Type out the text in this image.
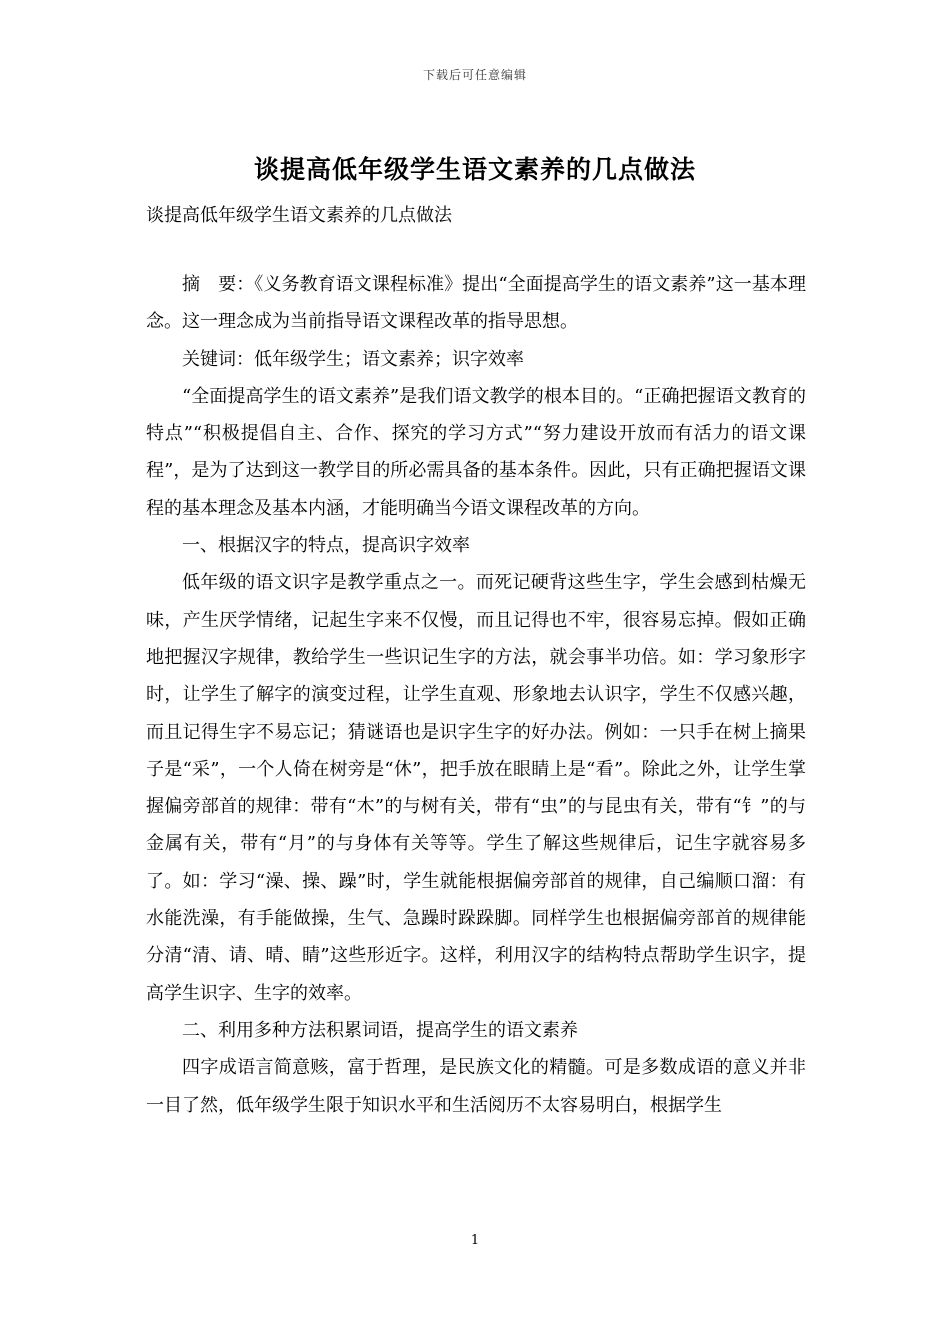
下载后可任意编辑
谈提高低年级学生语文素养的几点做法
谈提高低年级学生语文素养的几点做法

摘　要：《义务教育语文课程标准》提出“全面提高学生的语文素养”这一基本理念。这一理念成为当前指导语文课程改革的指导思想。

关键词：低年级学生；语文素养；识字效率

“全面提高学生的语文素养”是我们语文教学的根本目的。“正确把握语文教育的特点”“积极提倡自主、合作、探究的学习方式”“努力建设开放而有活力的语文课程”，是为了达到这一教学目的所必需具备的基本条件。因此，只有正确把握语文课程的基本理念及基本内涵，才能明确当今语文课程改革的方向。

一、根据汉字的特点，提高识字效率

低年级的语文识字是教学重点之一。而死记硬背这些生字，学生会感到枯燥无味，产生厌学情绪，记起生字来不仅慢，而且记得也不牢，很容易忘掉。假如正确地把握汉字规律，教给学生一些识记生字的方法，就会事半功倍。如：学习象形字时，让学生了解字的演变过程，让学生直观、形象地去认识字，学生不仅感兴趣，而且记得生字不易忘记；猜谜语也是识字生字的好办法。例如：一只手在树上摘果子是“采”，一个人倚在树旁是“休”，把手放在眼睛上是“看”。除此之外，让学生掌握偏旁部首的规律：带有“木”的与树有关，带有“虫”的与昆虫有关，带有“钅”的与金属有关，带有“月”的与身体有关等等。学生了解这些规律后，记生字就容易多了。如：学习“澡、操、躁”时，学生就能根据偏旁部首的规律，自己编顺口溜：有水能洗澡，有手能做操，生气、急躁时跺跺脚。同样学生也根据偏旁部首的规律能分清“清、请、晴、睛”这些形近字。这样，利用汉字的结构特点帮助学生识字，提高学生识字、生字的效率。

二、利用多种方法积累词语，提高学生的语文素养

四字成语言简意赅，富于哲理，是民族文化的精髓。可是多数成语的意义并非一目了然，低年级学生限于知识水平和生活阅历不太容易明白，根据学生

1
